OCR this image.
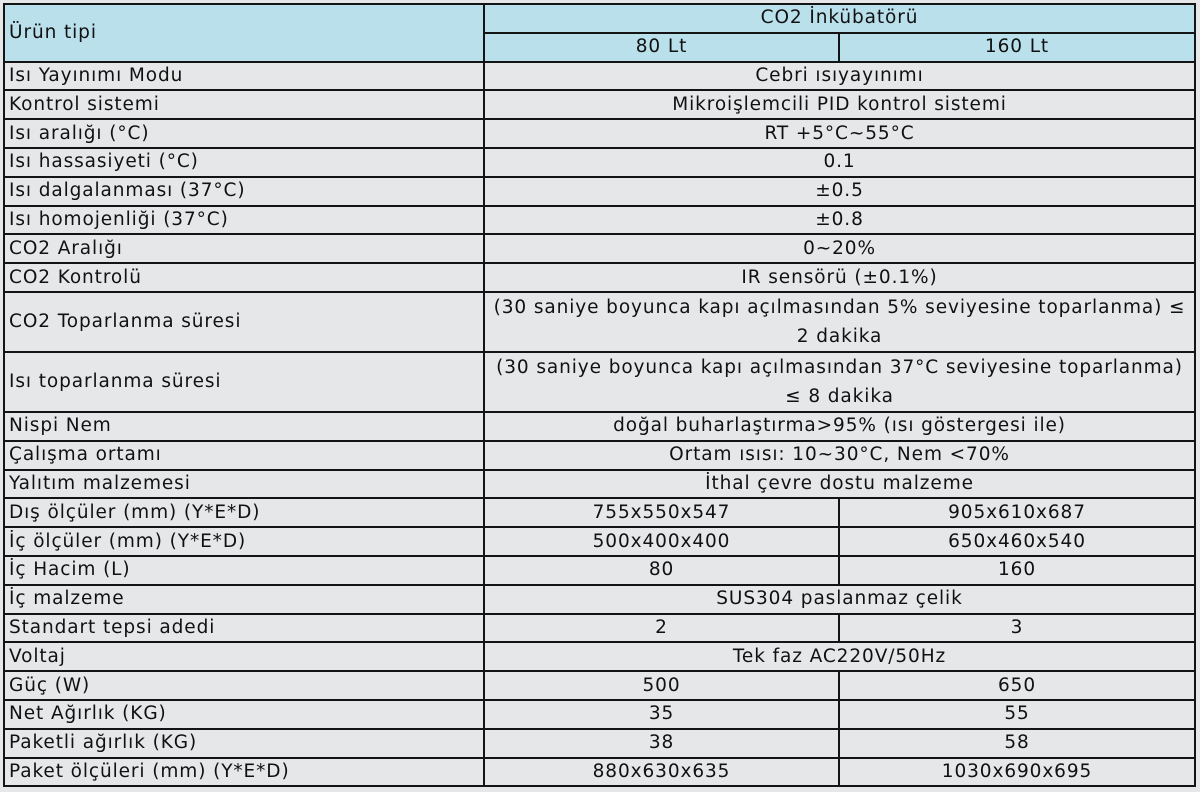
Ürün tipi	CO2 İnkübatörü	
	80 Lt	160 Lt
Isı Yayınımı Modu	Cebri ısıyayınımı	
Kontrol sistemi	Mikroişlemcili PID kontrol sistemi	
Isı aralığı (°C)	RT +5°C~55°C	
Isı hassasiyeti (°C)	0.1	
Isı dalgalanması (37°C)	±0.5	
Isı homojenliği (37°C)	±0.8	
CO2 Aralığı	0~20%	
CO2 Kontrolü	IR sensörü (±0.1%)	
CO2 Toparlanma süresi	(30 saniye boyunca kapı açılmasından 5% seviyesine toparlanma) ≤ 2 dakika	
Isı toparlanma süresi	(30 saniye boyunca kapı açılmasından 37°C seviyesine toparlanma) ≤ 8 dakika	
Nispi Nem	doğal buharlaştırma>95% (ısı göstergesi ile)	
Çalışma ortamı	Ortam ısısı: 10~30°C, Nem <70%	
Yalıtım malzemesi	İthal çevre dostu malzeme	
Dış ölçüler (mm) (Y*E*D)	755x550x547	905x610x687
İç ölçüler (mm) (Y*E*D)	500x400x400	650x460x540
İç Hacim (L)	80	160
İç malzeme	SUS304 paslanmaz çelik	
Standart tepsi adedi	2	3
Voltaj	Tek faz AC220V/50Hz	
Güç (W)	500	650
Net Ağırlık (KG)	35	55
Paketli ağırlık (KG)	38	58
Paket ölçüleri (mm) (Y*E*D)	880x630x635	1030x690x695
